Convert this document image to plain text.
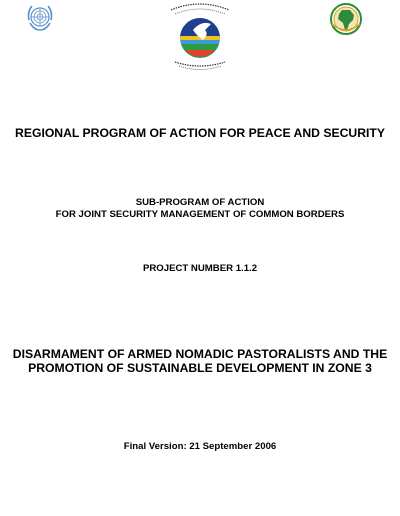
REGIONAL PROGRAM OF ACTION FOR PEACE AND SECURITY
SUB-PROGRAM OF ACTION
FOR JOINT SECURITY MANAGEMENT OF COMMON BORDERS
PROJECT NUMBER 1.1.2
DISARMAMENT OF ARMED NOMADIC PASTORALISTS AND THE
PROMOTION OF SUSTAINABLE DEVELOPMENT IN ZONE 3
Final Version: 21 September 2006
